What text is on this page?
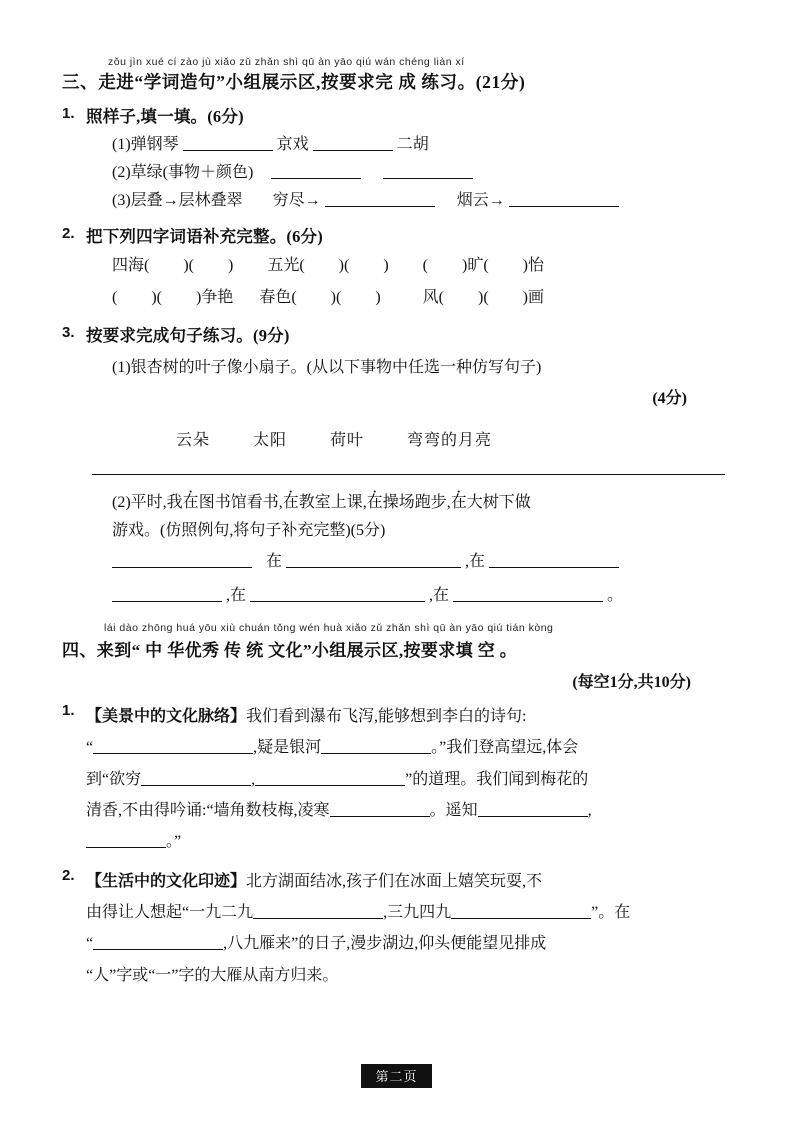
zǒu jìn xué cí zào jù xiǎo zǔ zhǎn shì qū àn yāo qiú wán chéng liàn xí
三、走进“学词造句”小组展示区,按要求完 成 练习。(21分)
1. 照样子,填一填。(6分)
(1)弹钢琴	京戏	二胡
(2)草绿(事物＋颜色)
(3)层叠→层林叠翠 穷尽→	烟云→
2. 把下列四字词语补充完整。(6分)
四海( )( ) 五光( )( ) ( )旷( )怡
( )( )争艳 春色( )( )	风( )( )画
3. 按要求完成句子练习。(9分)
(1)银杏树的叶子像小扇子。(从以下事物中任选一种仿写句子)
(4分)
云朵	太阳	荷叶	弯弯的月亮
(2)平时,我在图书馆看书,在教室上课,在操场跑步,在大树下做
游戏。(仿照例句,将句子补充完整)(5分)
在	,在
,在	,在	。
lái dào zhōng huá yōu xiù chuán tǒng wén huà xiǎo zǔ zhǎn shì qū àn yāo qiú tián kòng
四、来到“ 中 华优秀 传 统 文化”小组展示区,按要求填 空 。
(每空1分,共10分)
1. 【美景中的文化脉络】我们看到瀑布飞泻,能够想到李白的诗句:
“	,疑是银河	。”我们登高望远,体会
到“欲穷	,	”的道理。我们闻到梅花的
清香,不由得吟诵:“墙角数枝梅,凌寒	。遥知	,
。”
2. 【生活中的文化印迹】北方湖面结冰,孩子们在冰面上嬉笑玩耍,不
由得让人想起“一九二九	,三九四九	”。在
“	,八九雁来”的日子,漫步湖边,仰头便能望见排成
“人”字或“一”字的大雁从南方归来。
第二页
